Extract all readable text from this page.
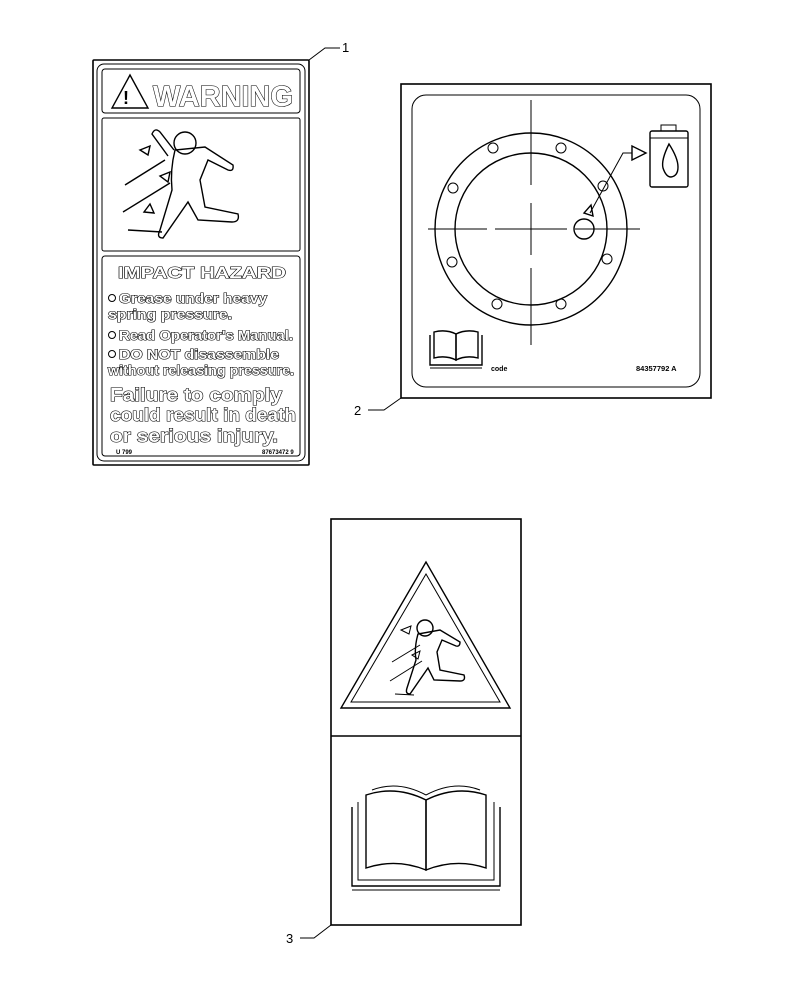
! WARNING
IMPACT HAZARD
Grease under heavy
spring pressure.
Read Operator's Manual.
DO NOT disassemble
without releasing pressure.
Failure to comply
could result in death
or serious injury.
U 799	87673472 9
1
code	84357792 A
2
3
